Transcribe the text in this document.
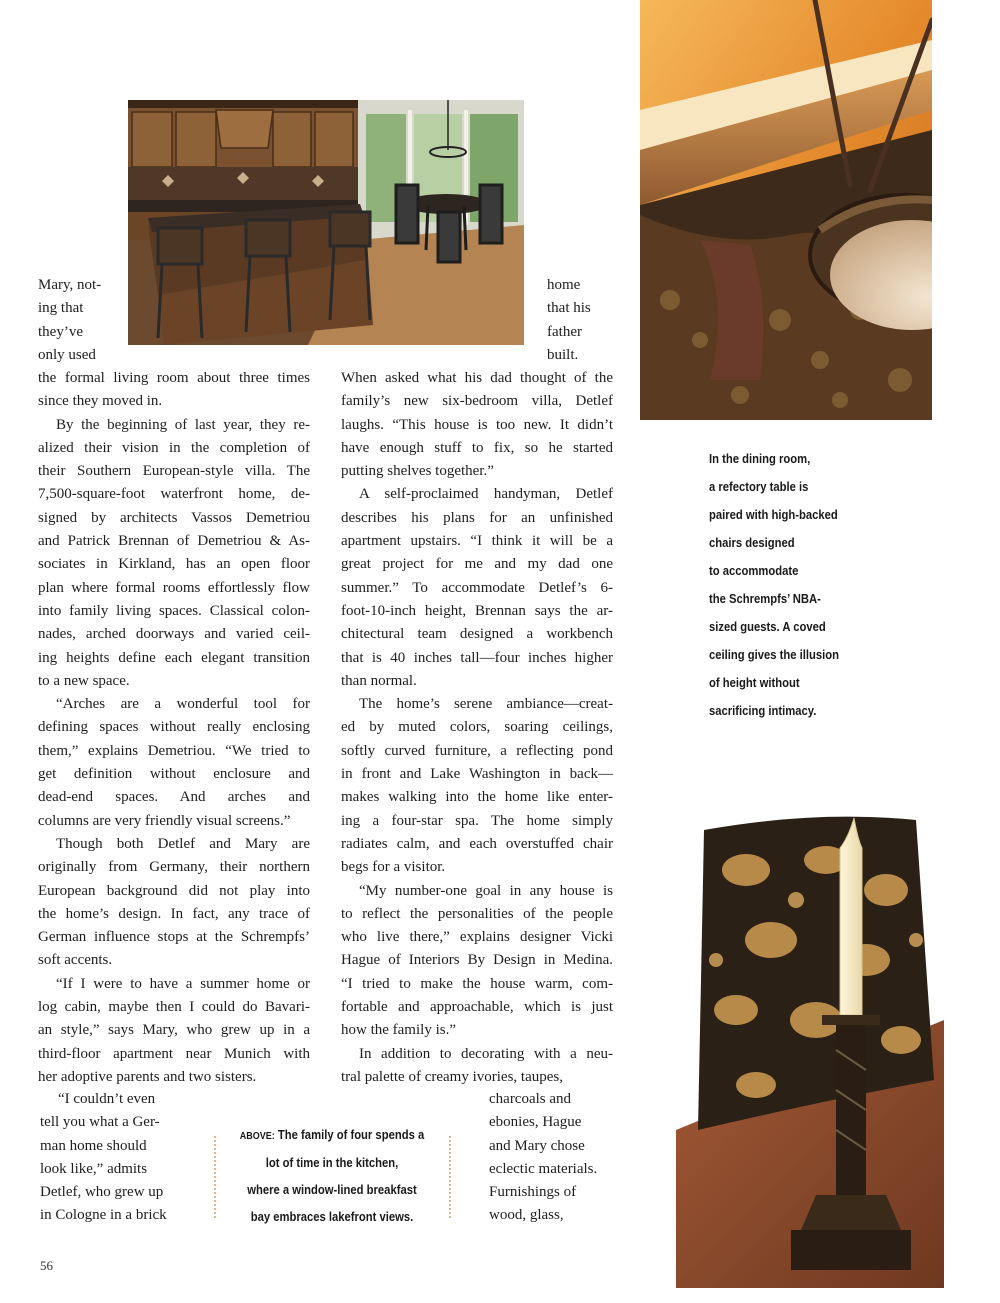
Mary, not-
ing that
they’ve
only used
the formal living room about three times
since they moved in.
By the beginning of last year, they re-
alized their vision in the completion of
their Southern European-style villa. The
7,500-square-foot waterfront home, de-
signed by architects Vassos Demetriou
and Patrick Brennan of Demetriou & As-
sociates in Kirkland, has an open floor
plan where formal rooms effortlessly flow
into family living spaces. Classical colon-
nades, arched doorways and varied ceil-
ing heights define each elegant transition
to a new space.
“Arches are a wonderful tool for
defining spaces without really enclosing
them,” explains Demetriou. “We tried to
get definition without enclosure and
dead-end spaces. And arches and
columns are very friendly visual screens.”
Though both Detlef and Mary are
originally from Germany, their northern
European background did not play into
the home’s design. In fact, any trace of
German influence stops at the Schrempfs’
soft accents.
“If I were to have a summer home or
log cabin, maybe then I could do Bavari-
an style,” says Mary, who grew up in a
third-floor apartment near Munich with
her adoptive parents and two sisters.
“I couldn’t even
tell you what a Ger-
man home should
look like,” admits
Detlef, who grew up
in Cologne in a brick
home
that his
father
built.
When asked what his dad thought of the
family’s new six-bedroom villa, Detlef
laughs. “This house is too new. It didn’t
have enough stuff to fix, so he started
putting shelves together.”
A self-proclaimed handyman, Detlef
describes his plans for an unfinished
apartment upstairs. “I think it will be a
great project for me and my dad one
summer.” To accommodate Detlef’s 6-
foot-10-inch height, Brennan says the ar-
chitectural team designed a workbench
that is 40 inches tall—four inches higher
than normal.
The home’s serene ambiance—creat-
ed by muted colors, soaring ceilings,
softly curved furniture, a reflecting pond
in front and Lake Washington in back—
makes walking into the home like enter-
ing a four-star spa. The home simply
radiates calm, and each overstuffed chair
begs for a visitor.
“My number-one goal in any house is
to reflect the personalities of the people
who live there,” explains designer Vicki
Hague of Interiors By Design in Medina.
“I tried to make the house warm, com-
fortable and approachable, which is just
how the family is.”
In addition to decorating with a neu-
tral palette of creamy ivories, taupes,
charcoals and
ebonies, Hague
and Mary chose
eclectic materials.
Furnishings of
wood, glass,
ABOVE: The family of four spends a
lot of time in the kitchen,
where a window-lined breakfast
bay embraces lakefront views.
In the dining room,
a refectory table is
paired with high-backed
chairs designed
to accommodate
the Schrempfs’ NBA-
sized guests. A coved
ceiling gives the illusion
of height without
sacrificing intimacy.
56
